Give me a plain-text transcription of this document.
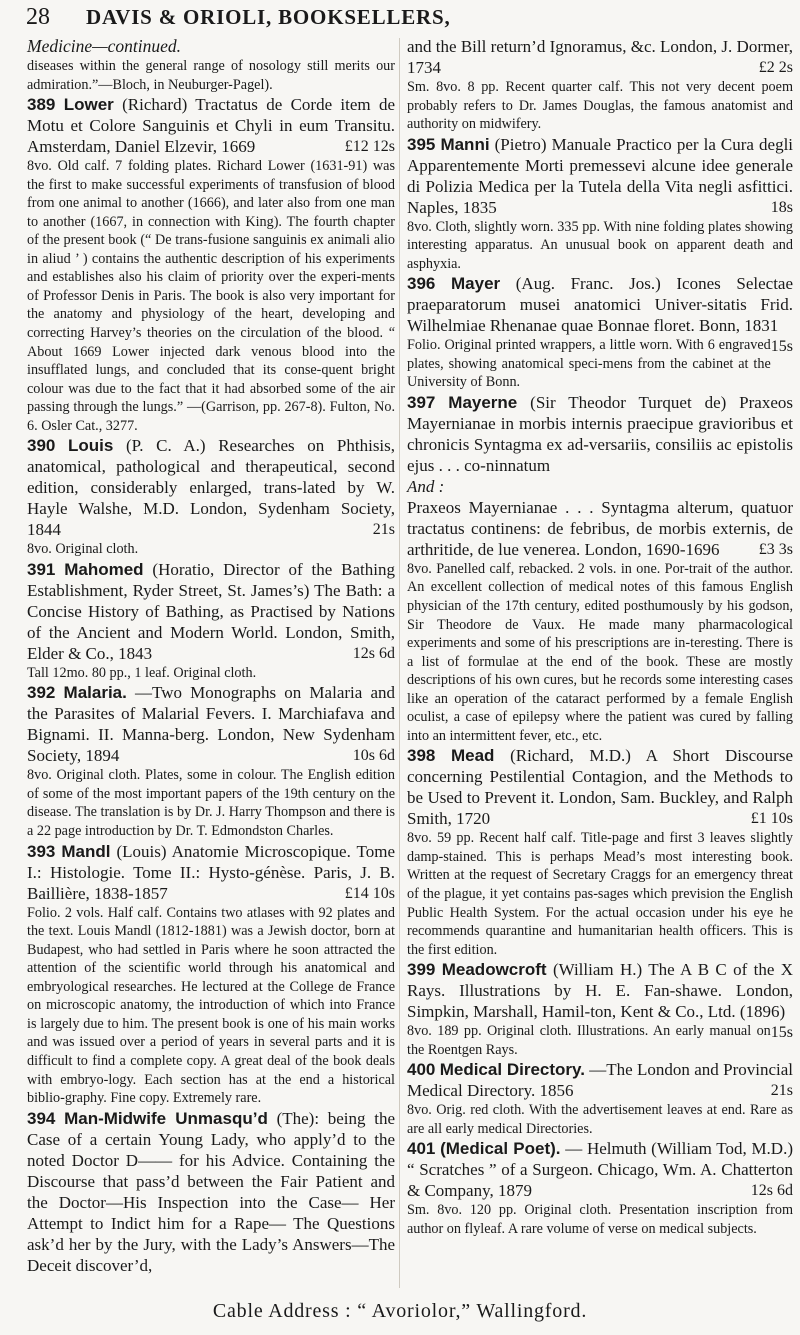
28 DAVIS & ORIOLI, BOOKSELLERS,

Medicine—continued.

diseases within the general range of nosology still merits our admiration.”—Bloch, in Neuburger-Pagel).

389 Lower (Richard) Tractatus de Corde item de Motu et Colore Sanguinis et Chyli in eum Transitu. Amsterdam, Daniel Elzevir, 1669	£12 12s

8vo. Old calf. 7 folding plates. Richard Lower (1631-91) was the first to make successful experiments of transfusion of blood from one animal to another (1666), and later also from one man to another (1667, in connection with King). The fourth chapter of the present book (“ De trans-fusione sanguinis ex animali alio in aliud ’ ) contains the authentic description of his experiments and establishes also his claim of priority over the experi-ments of Professor Denis in Paris. The book is also very important for the anatomy and physiology of the heart, developing and correcting Harvey’s theories on the circulation of the blood. “ About 1669 Lower injected dark venous blood into the insufflated lungs, and concluded that its conse-quent bright colour was due to the fact that it had absorbed some of the air passing through the lungs.” —(Garrison, pp. 267-8). Fulton, No. 6. Osler Cat., 3277.

390 Louis (P. C. A.) Researches on Phthisis, anatomical, pathological and therapeutical, second edition, considerably enlarged, trans-lated by W. Hayle Walshe, M.D. London, Sydenham Society, 1844	21s

8vo. Original cloth.

391 Mahomed (Horatio, Director of the Bathing Establishment, Ryder Street, St. James’s) The Bath: a Concise History of Bathing, as Practised by Nations of the Ancient and Modern World. London, Smith, Elder & Co., 1843	12s 6d

Tall 12mo. 80 pp., 1 leaf. Original cloth.

392 Malaria. —Two Monographs on Malaria and the Parasites of Malarial Fevers. I. Marchiafava and Bignami. II. Manna-berg. London, New Sydenham Society, 1894	10s 6d

8vo. Original cloth. Plates, some in colour. The English edition of some of the most important papers of the 19th century on the disease. The translation is by Dr. J. Harry Thompson and there is a 22 page introduction by Dr. T. Edmondston Charles.

393 Mandl (Louis) Anatomie Microscopique. Tome I.: Histologie. Tome II.: Hysto-génèse. Paris, J. B. Baillière, 1838-1857	£14 10s

Folio. 2 vols. Half calf. Contains two atlases with 92 plates and the text. Louis Mandl (1812-1881) was a Jewish doctor, born at Budapest, who had settled in Paris where he soon attracted the attention of the scientific world through his anatomical and embryological researches. He lectured at the College de France on microscopic anatomy, the introduction of which into France is largely due to him. The present book is one of his main works and was issued over a period of years in several parts and it is difficult to find a complete copy. A great deal of the book deals with embryo-logy. Each section has at the end a historical biblio-graphy. Fine copy. Extremely rare.

394 Man-Midwife Unmasqu’d (The): being the Case of a certain Young Lady, who apply’d to the noted Doctor D—— for his Advice. Containing the Discourse that pass’d between the Fair Patient and the Doctor—His Inspection into the Case— Her Attempt to Indict him for a Rape— The Questions ask’d her by the Jury, with the Lady’s Answers—The Deceit discover’d,

and the Bill return’d Ignoramus, &c. London, J. Dormer, 1734	£2 2s

Sm. 8vo. 8 pp. Recent quarter calf. This not very decent poem probably refers to Dr. James Douglas, the famous anatomist and authority on midwifery.

395 Manni (Pietro) Manuale Practico per la Cura degli Apparentemente Morti premessevi alcune idee generale di Polizia Medica per la Tutela della Vita negli asfittici. Naples, 1835	18s

8vo. Cloth, slightly worn. 335 pp. With nine folding plates showing interesting apparatus. An unusual book on apparent death and asphyxia.

396 Mayer (Aug. Franc. Jos.) Icones Selectae praeparatorum musei anatomici Univer-sitatis Frid. Wilhelmiae Rhenanae quae Bonnae floret. Bonn, 1831
15s

Folio. Original printed wrappers, a little worn. With 6 engraved plates, showing anatomical speci-mens from the cabinet at the University of Bonn.

397 Mayerne (Sir Theodor Turquet de) Praxeos Mayernianae in morbis internis praecipue gravioribus et chronicis Syntagma ex ad-versariis, consiliis ac epistolis ejus . . . co-ninnatum

And :

Praxeos Mayernianae . . . Syntagma alterum, quatuor tractatus continens: de febribus, de morbis externis, de arthritide, de lue venerea. London, 1690-1696 £3 3s

8vo. Panelled calf, rebacked. 2 vols. in one. Por-trait of the author. An excellent collection of medical notes of this famous English physician of the 17th century, edited posthumously by his godson, Sir Theodore de Vaux. He made many pharmacological experiments and some of his prescriptions are in-teresting. There is a list of formulae at the end of the book. These are mostly descriptions of his own cures, but he records some interesting cases like an operation of the cataract performed by a female English oculist, a case of epilepsy where the patient was cured by falling into an intermittent fever, etc., etc.

398 Mead (Richard, M.D.) A Short Discourse concerning Pestilential Contagion, and the Methods to be Used to Prevent it. London, Sam. Buckley, and Ralph Smith, 1720	£1 10s

8vo. 59 pp. Recent half calf. Title-page and first 3 leaves slightly damp-stained. This is perhaps Mead’s most interesting book. Written at the request of Secretary Craggs for an emergency threat of the plague, it yet contains pas-sages which prevision the English Public Health System. For the actual occasion under his eye he recommends quarantine and humanitarian health officers. This is the first edition.

399 Meadowcroft (William H.) The A B C of the X Rays. Illustrations by H. E. Fan-shawe. London, Simpkin, Marshall, Hamil-ton, Kent & Co., Ltd. (1896)
15s

8vo. 189 pp. Original cloth. Illustrations. An early manual on the Roentgen Rays.

400 Medical Directory. —The London and Provincial Medical Directory. 1856	21s

8vo. Orig. red cloth. With the advertisement leaves at end. Rare as are all early medical Directories.

401 (Medical Poet). — Helmuth (William Tod, M.D.) “ Scratches ” of a Surgeon. Chicago, Wm. A. Chatterton & Company, 1879	12s 6d

Sm. 8vo. 120 pp. Original cloth. Presentation inscription from author on flyleaf. A rare volume of verse on medical subjects.

Cable Address : “ Avoriolor,” Wallingford.
